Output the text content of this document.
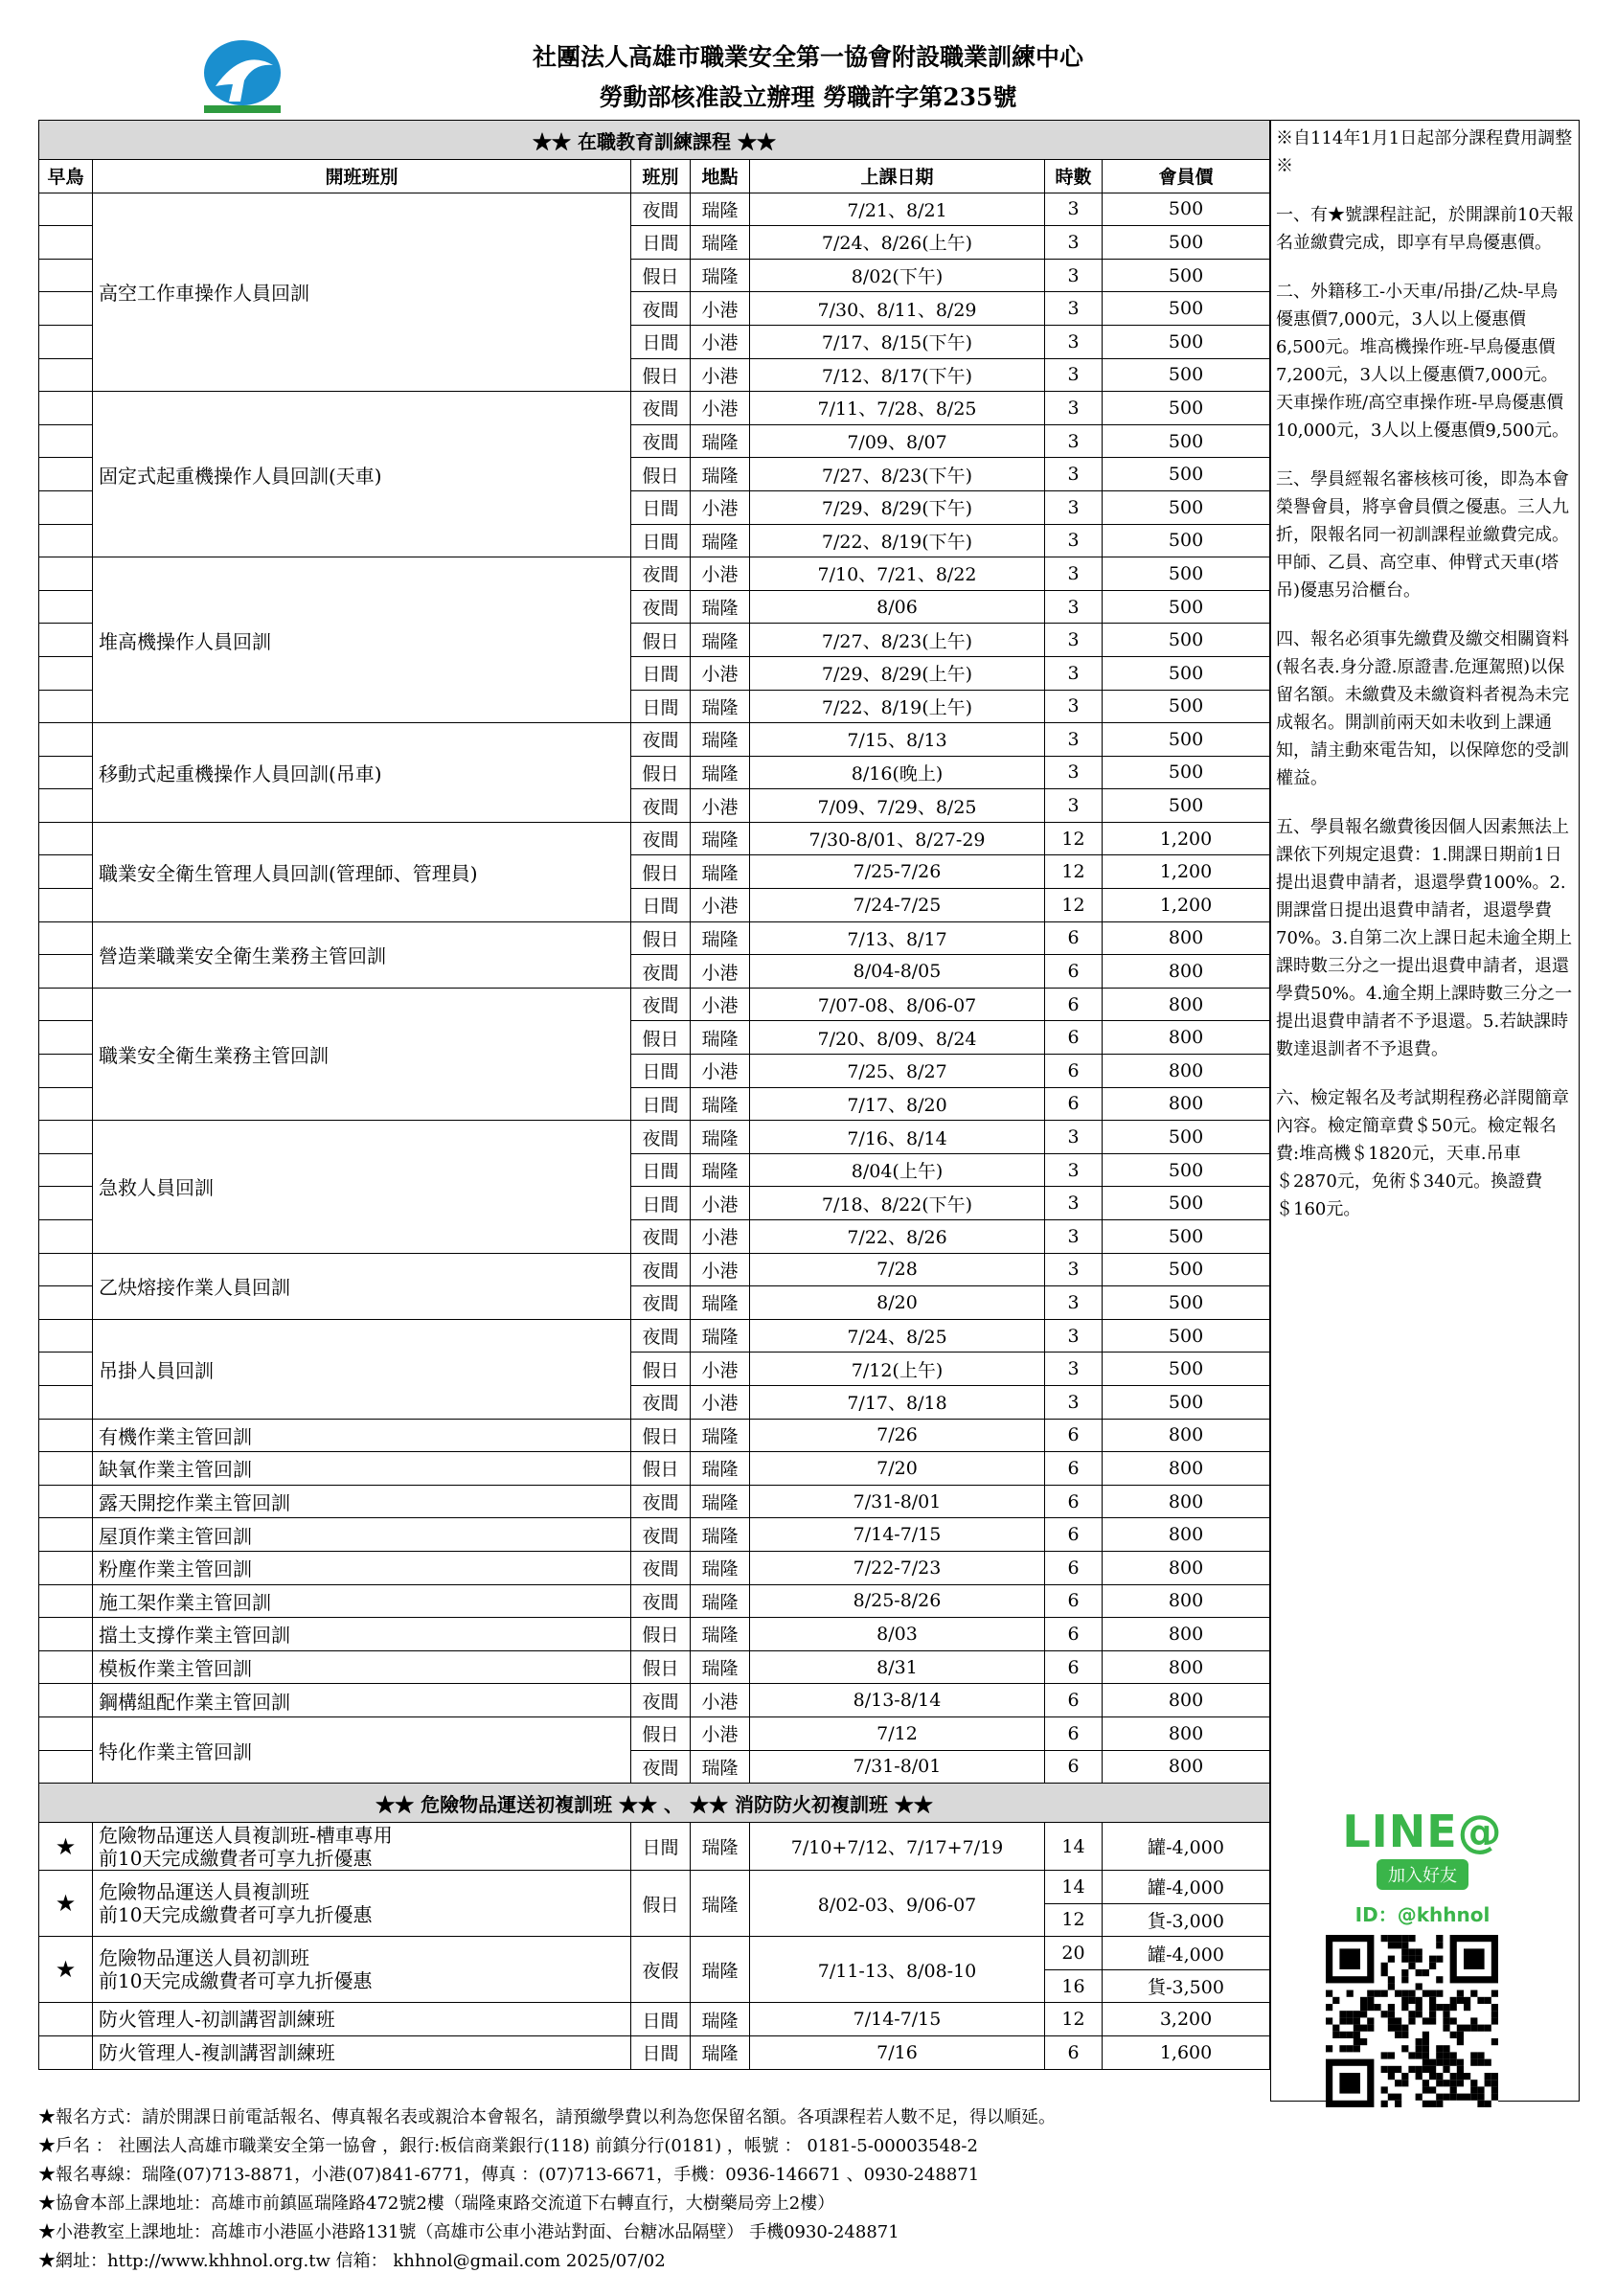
社團法人高雄市職業安全第一協會附設職業訓練中心
勞動部核准設立辦理 勞職許字第235號
★★ 在職教育訓練課程 ★★						
早鳥	開班班別	班別	地點	上課日期	時數	會員價
	高空工作車操作人員回訓	夜間	瑞隆	7/21、8/21	3	500
		日間	瑞隆	7/24、8/26(上午)	3	500
		假日	瑞隆	8/02(下午)	3	500
		夜間	小港	7/30、8/11、8/29	3	500
		日間	小港	7/17、8/15(下午)	3	500
		假日	小港	7/12、8/17(下午)	3	500
	固定式起重機操作人員回訓(天車)	夜間	小港	7/11、7/28、8/25	3	500
		夜間	瑞隆	7/09、8/07	3	500
		假日	瑞隆	7/27、8/23(下午)	3	500
		日間	小港	7/29、8/29(下午)	3	500
		日間	瑞隆	7/22、8/19(下午)	3	500
	堆高機操作人員回訓	夜間	小港	7/10、7/21、8/22	3	500
		夜間	瑞隆	8/06	3	500
		假日	瑞隆	7/27、8/23(上午)	3	500
		日間	小港	7/29、8/29(上午)	3	500
		日間	瑞隆	7/22、8/19(上午)	3	500
	移動式起重機操作人員回訓(吊車)	夜間	瑞隆	7/15、8/13	3	500
		假日	瑞隆	8/16(晚上)	3	500
		夜間	小港	7/09、7/29、8/25	3	500
	職業安全衛生管理人員回訓(管理師、管理員)	夜間	瑞隆	7/30-8/01、8/27-29	12	1,200
		假日	瑞隆	7/25-7/26	12	1,200
		日間	小港	7/24-7/25	12	1,200
	營造業職業安全衛生業務主管回訓	假日	瑞隆	7/13、8/17	6	800
		夜間	小港	8/04-8/05	6	800
	職業安全衛生業務主管回訓	夜間	小港	7/07-08、8/06-07	6	800
		假日	瑞隆	7/20、8/09、8/24	6	800
		日間	小港	7/25、8/27	6	800
		日間	瑞隆	7/17、8/20	6	800
	急救人員回訓	夜間	瑞隆	7/16、8/14	3	500
		日間	瑞隆	8/04(上午)	3	500
		日間	小港	7/18、8/22(下午)	3	500
		夜間	小港	7/22、8/26	3	500
	乙炔熔接作業人員回訓	夜間	小港	7/28	3	500
		夜間	瑞隆	8/20	3	500
	吊掛人員回訓	夜間	瑞隆	7/24、8/25	3	500
		假日	小港	7/12(上午)	3	500
		夜間	小港	7/17、8/18	3	500
	有機作業主管回訓	假日	瑞隆	7/26	6	800
	缺氧作業主管回訓	假日	瑞隆	7/20	6	800
	露天開挖作業主管回訓	夜間	瑞隆	7/31-8/01	6	800
	屋頂作業主管回訓	夜間	瑞隆	7/14-7/15	6	800
	粉塵作業主管回訓	夜間	瑞隆	7/22-7/23	6	800
	施工架作業主管回訓	夜間	瑞隆	8/25-8/26	6	800
	擋土支撐作業主管回訓	假日	瑞隆	8/03	6	800
	模板作業主管回訓	假日	瑞隆	8/31	6	800
	鋼構組配作業主管回訓	夜間	小港	8/13-8/14	6	800
	特化作業主管回訓	假日	小港	7/12	6	800
		夜間	瑞隆	7/31-8/01	6	800
★★ 危險物品運送初複訓班 ★★ 、 ★★ 消防防火初複訓班 ★★						
★	危險物品運送人員複訓班-槽車專用
前10天完成繳費者可享九折優惠	日間	瑞隆	7/10+7/12、7/17+7/19	14	罐-4,000
★	危險物品運送人員複訓班
前10天完成繳費者可享九折優惠	假日	瑞隆	8/02-03、9/06-07	14	罐-4,000
					12	貨-3,000
★	危險物品運送人員初訓班
前10天完成繳費者可享九折優惠	夜假	瑞隆	7/11-13、8/08-10	20	罐-4,000
					16	貨-3,500

	防火管理人-初訓講習訓練班	日間	瑞隆	7/14-7/15	12	3,200

	防火管理人-複訓講習訓練班	日間	瑞隆	7/16	6	1,600

※自114年1月1日起部分課程費用調整※

一、有★號課程註記，於開課前10天報名並繳費完成，即享有早鳥優惠價。

二、外籍移工-小天車/吊掛/乙炔-早鳥優惠價7,000元，3人以上優惠價6,500元。堆高機操作班-早鳥優惠價7,200元，3人以上優惠價7,000元。天車操作班/高空車操作班-早鳥優惠價10,000元，3人以上優惠價9,500元。

三、學員經報名審核核可後，即為本會榮譽會員，將享會員價之優惠。三人九折，限報名同一初訓課程並繳費完成。甲師、乙員、高空車、伸臂式天車(塔吊)優惠另洽櫃台。

四、報名必須事先繳費及繳交相關資料(報名表.身分證.原證書.危運駕照)以保留名額。未繳費及未繳資料者視為未完成報名。開訓前兩天如未收到上課通知，請主動來電告知，以保障您的受訓權益。

五、學員報名繳費後因個人因素無法上課依下列規定退費：1.開課日期前1日提出退費申請者，退還學費100%。2.開課當日提出退費申請者，退還學費70%。3.自第二次上課日起未逾全期上課時數三分之一提出退費申請者，退還學費50%。4.逾全期上課時數三分之一提出退費申請者不予退還。5.若缺課時數達退訓者不予退費。

六、檢定報名及考試期程務必詳閱簡章內容。檢定簡章費＄50元。檢定報名費:堆高機＄1820元，天車.吊車＄2870元，免術＄340元。換證費＄160元。

LINE@
加入好友
ID：@khhnol
★報名方式：請於開課日前電話報名、傳真報名表或親洽本會報名，請預繳學費以利為您保留名額。各項課程若人數不足，得以順延。
★戶名 ： 社團法人高雄市職業安全第一協會 ，銀行:板信商業銀行(118) 前鎮分行(0181) ，帳號 ： 0181-5-00003548-2
★報名專線：瑞隆(07)713-8871，小港(07)841-6771，傳真 ：(07)713-6671，手機：0936-146671 、0930-248871
★協會本部上課地址：高雄市前鎮區瑞隆路472號2樓（瑞隆東路交流道下右轉直行，大樹藥局旁上2樓）
★小港教室上課地址：高雄市小港區小港路131號（高雄市公車小港站對面、台糖冰品隔壁） 手機0930-248871
★網址：http://www.khhnol.org.tw 信箱： khhnol@gmail.com 2025/07/02
